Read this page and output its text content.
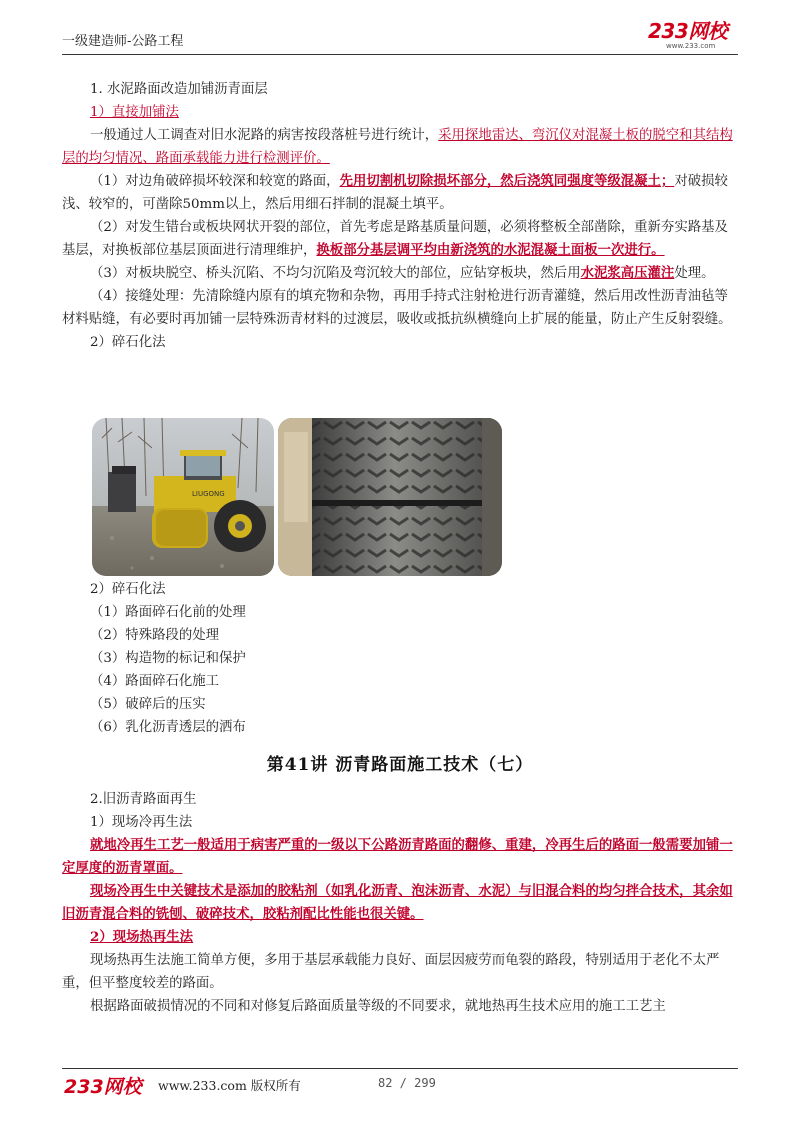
一级建造师-公路工程	233网校
www.233.com

1. 水泥路面改造加铺沥青面层

1）直接加铺法

一般通过人工调查对旧水泥路的病害按段落桩号进行统计，采用探地雷达、弯沉仪对混凝土板的脱空和其结构层的均匀情况、路面承载能力进行检测评价。

（1）对边角破碎损坏较深和较宽的路面，先用切割机切除损坏部分，然后浇筑同强度等级混凝土；对破损较浅、较窄的，可凿除50mm以上，然后用细石拌制的混凝土填平。

（2）对发生错台或板块网状开裂的部位，首先考虑是路基质量问题，必须将整板全部凿除，重新夯实路基及基层，对换板部位基层顶面进行清理维护，换板部分基层调平均由新浇筑的水泥混凝土面板一次进行。

（3）对板块脱空、桥头沉陷、不均匀沉陷及弯沉较大的部位，应钻穿板块，然后用水泥浆高压灌注处理。

（4）接缝处理：先清除缝内原有的填充物和杂物，再用手持式注射枪进行沥青灌缝，然后用改性沥青油毡等材料贴缝，有必要时再加铺一层特殊沥青材料的过渡层，吸收或抵抗纵横缝向上扩展的能量，防止产生反射裂缝。

2）碎石化法

LIUGONG

2）碎石化法

（1）路面碎石化前的处理

（2）特殊路段的处理

（3）构造物的标记和保护

（4）路面碎石化施工

（5）破碎后的压实

（6）乳化沥青透层的洒布

第41讲 沥青路面施工技术（七）

2.旧沥青路面再生

1）现场冷再生法

就地冷再生工艺一般适用于病害严重的一级以下公路沥青路面的翻修、重建，冷再生后的路面一般需要加铺一定厚度的沥青罩面。

现场冷再生中关键技术是添加的胶粘剂（如乳化沥青、泡沫沥青、水泥）与旧混合料的均匀拌合技术，其余如旧沥青混合料的铣刨、破碎技术，胶粘剂配比性能也很关键。

2）现场热再生法

现场热再生法施工简单方便，多用于基层承载能力良好、面层因疲劳而龟裂的路段，特别适用于老化不太严重，但平整度较差的路面。

根据路面破损情况的不同和对修复后路面质量等级的不同要求，就地热再生技术应用的施工工艺主

233网校 www.233.com 版权所有	82 / 299
